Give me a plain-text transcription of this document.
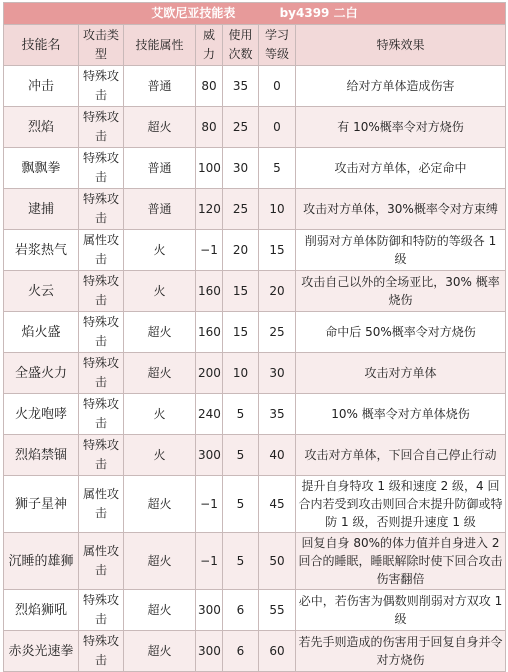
艾欧尼亚技能表 by4399 二白						
技能名	攻击类型	技能属性	威力	使用次数	学习等级	特殊效果
冲击	特殊攻击	普通	80	35	0	给对方单体造成伤害
烈焰	特殊攻击	超火	80	25	0	有 10%概率令对方烧伤
飘飘拳	特殊攻击	普通	100	30	5	攻击对方单体，必定命中
逮捕	特殊攻击	普通	120	25	10	攻击对方单体，30%概率令对方束缚
岩浆热气	属性攻击	火	−1	20	15	削弱对方单体防御和特防的等级各 1 级
火云	特殊攻击	火	160	15	20	攻击自己以外的全场亚比，30% 概率烧伤
焰火盛	特殊攻击	超火	160	15	25	命中后 50%概率令对方烧伤
全盛火力	特殊攻击	超火	200	10	30	攻击对方单体
火龙咆哮	特殊攻击	火	240	5	35	10% 概率令对方单体烧伤
烈焰禁锢	特殊攻击	火	300	5	40	攻击对方单体，下回合自己停止行动
狮子星神	属性攻击	超火	−1	5	45	提升自身特攻 1 级和速度 2 级，4 回合内若受到攻击则回合末提升防御或特防 1 级，否则提升速度 1 级
沉睡的雄狮	属性攻击	超火	−1	5	50	回复自身 80%的体力值并自身进入 2 回合的睡眠，睡眠解除时使下回合攻击伤害翻倍
烈焰狮吼	特殊攻击	超火	300	6	55	必中，若伤害为偶数则削弱对方双攻 1 级
赤炎光速拳	特殊攻击	超火	300	6	60	若先手则造成的伤害用于回复自身并令对方烧伤
